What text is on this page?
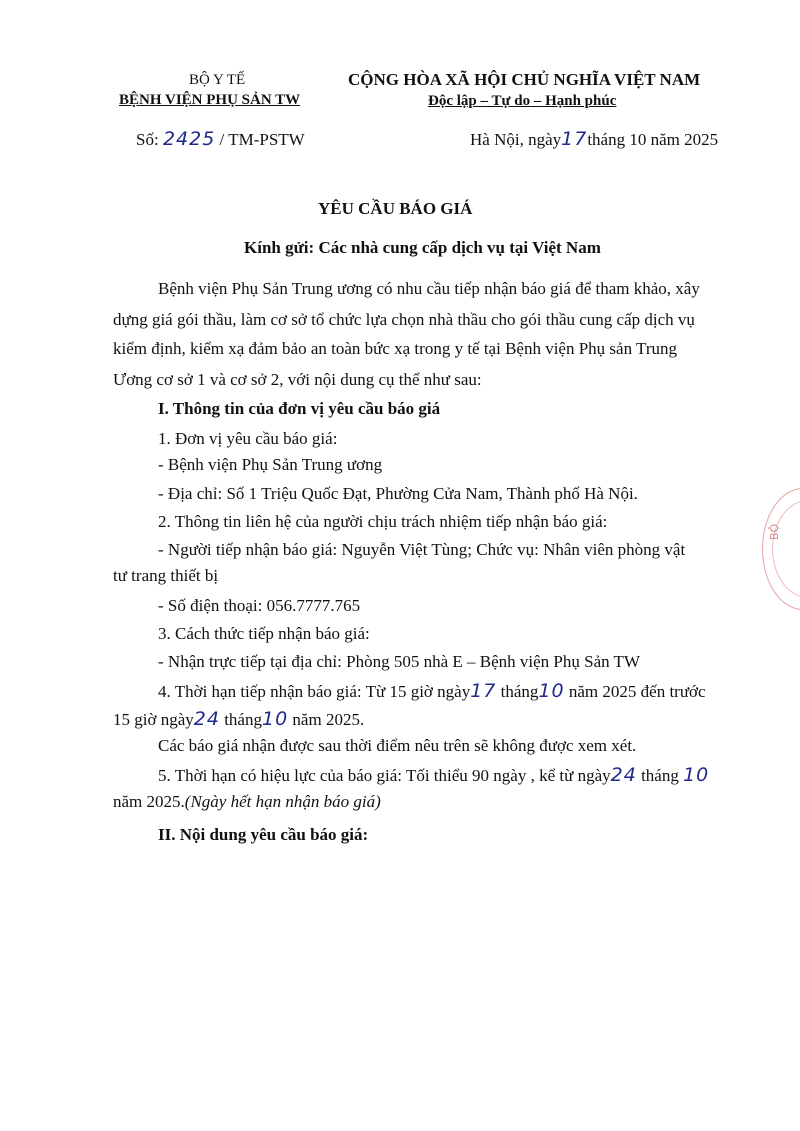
BỘ Y TẾ
BỆNH VIỆN PHỤ SẢN TW
CỘNG HÒA XÃ HỘI CHỦ NGHĨA VIỆT NAM
Độc lập – Tự do – Hạnh phúc
Số: 2425 / TM-PSTW	Hà Nội, ngày17tháng 10 năm 2025
YÊU CẦU BÁO GIÁ
Kính gửi: Các nhà cung cấp dịch vụ tại Việt Nam
Bệnh viện Phụ Sản Trung ương có nhu cầu tiếp nhận báo giá để tham khảo, xây
dựng giá gói thầu, làm cơ sở tổ chức lựa chọn nhà thầu cho gói thầu cung cấp dịch vụ
kiểm định, kiểm xạ đảm bảo an toàn bức xạ trong y tế tại Bệnh viện Phụ sản Trung
Ương cơ sở 1 và cơ sở 2, với nội dung cụ thể như sau:
I. Thông tin của đơn vị yêu cầu báo giá
1. Đơn vị yêu cầu báo giá:
- Bệnh viện Phụ Sản Trung ương
- Địa chỉ: Số 1 Triệu Quốc Đạt, Phường Cửa Nam, Thành phố Hà Nội.
2. Thông tin liên hệ của người chịu trách nhiệm tiếp nhận báo giá:
- Người tiếp nhận báo giá: Nguyễn Việt Tùng; Chức vụ: Nhân viên phòng vật
tư trang thiết bị
- Số điện thoại: 056.7777.765
3. Cách thức tiếp nhận báo giá:
- Nhận trực tiếp tại địa chỉ: Phòng 505 nhà E – Bệnh viện Phụ Sản TW
4. Thời hạn tiếp nhận báo giá: Từ 15 giờ ngày17 tháng10 năm 2025 đến trước
15 giờ ngày24 tháng10 năm 2025.
Các báo giá nhận được sau thời điểm nêu trên sẽ không được xem xét.
5. Thời hạn có hiệu lực của báo giá: Tối thiểu 90 ngày , kể từ ngày24 tháng 10
năm 2025.(Ngày hết hạn nhận báo giá)
II. Nội dung yêu cầu báo giá:
BỘ
